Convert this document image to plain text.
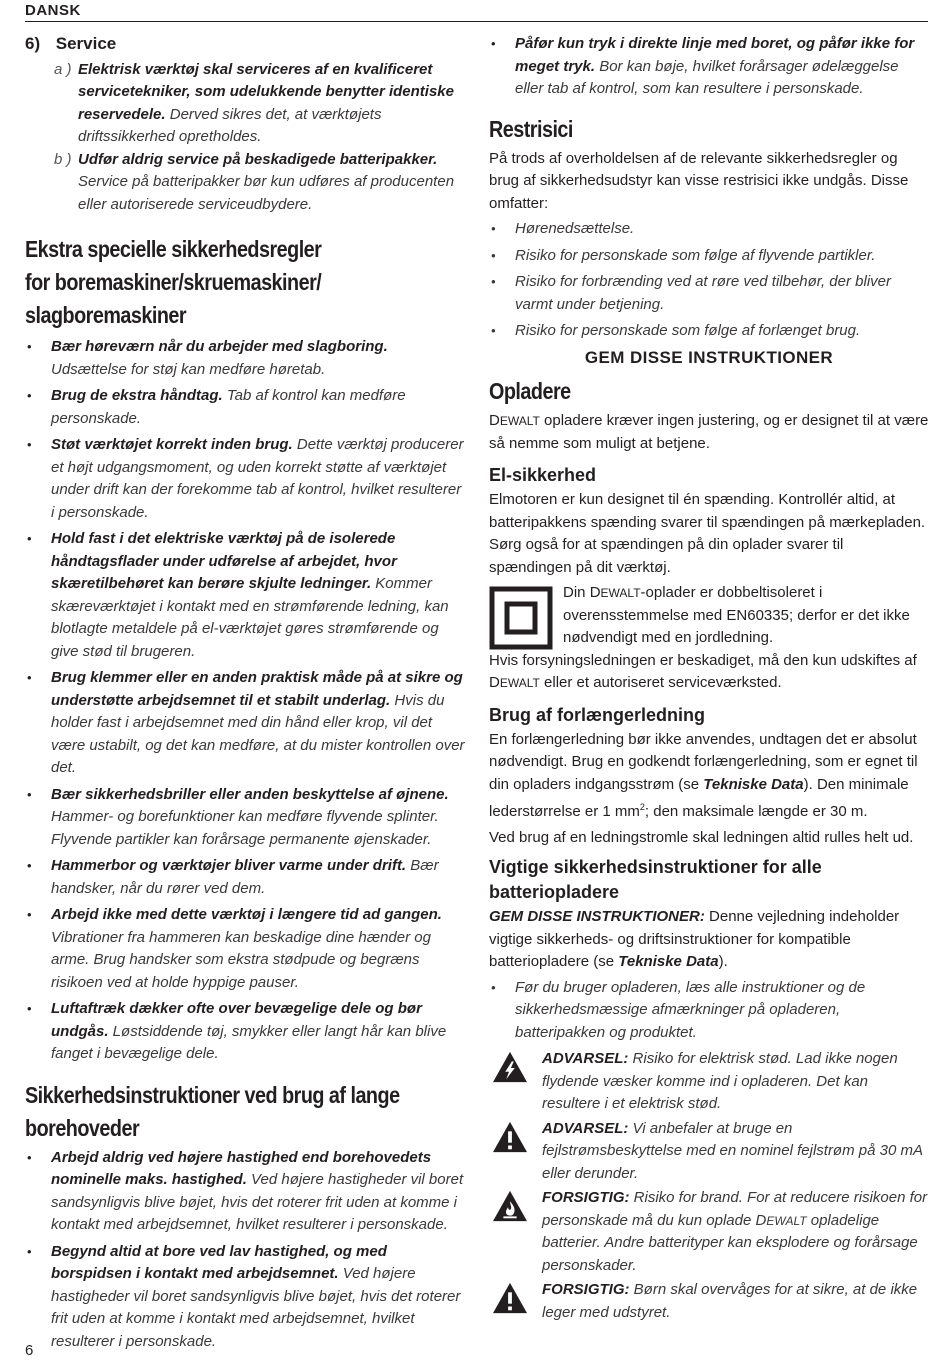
DANSK
6) Service
a ) Elektrisk værktøj skal serviceres af en kvalificeret servicetekniker, som udelukkende benytter identiske reservedele. Derved sikres det, at værktøjets driftssikkerhed opretholdes.
b ) Udfør aldrig service på beskadigede batteripakker. Service på batteripakker bør kun udføres af producenten eller autoriserede serviceudbydere.
Ekstra specielle sikkerhedsregler
for boremaskiner/skruemaskiner/
slagboremaskiner
• Bær høreværn når du arbejder med slagboring. Udsættelse for støj kan medføre høretab.
• Brug de ekstra håndtag. Tab af kontrol kan medføre personskade.
• Støt værktøjet korrekt inden brug. Dette værktøj producerer et højt udgangsmoment, og uden korrekt støtte af værktøjet under drift kan der forekomme tab af kontrol, hvilket resulterer i personskade.
• Hold fast i det elektriske værktøj på de isolerede håndtagsflader under udførelse af arbejdet, hvor skæretilbehøret kan berøre skjulte ledninger. Kommer skæreværktøjet i kontakt med en strømførende ledning, kan blotlagte metaldele på el-værktøjet gøres strømførende og give stød til brugeren.
• Brug klemmer eller en anden praktisk måde på at sikre og understøtte arbejdsemnet til et stabilt underlag. Hvis du holder fast i arbejdsemnet med din hånd eller krop, vil det være ustabilt, og det kan medføre, at du mister kontrollen over det.
• Bær sikkerhedsbriller eller anden beskyttelse af øjnene. Hammer- og borefunktioner kan medføre flyvende splinter. Flyvende partikler kan forårsage permanente øjenskader.
• Hammerbor og værktøjer bliver varme under drift. Bær handsker, når du rører ved dem.
• Arbejd ikke med dette værktøj i længere tid ad gangen. Vibrationer fra hammeren kan beskadige dine hænder og arme. Brug handsker som ekstra stødpude og begræns risikoen ved at holde hyppige pauser.
• Luftaftræk dækker ofte over bevægelige dele og bør undgås. Løstsiddende tøj, smykker eller langt hår kan blive fanget i bevægelige dele.
Sikkerhedsinstruktioner ved brug af lange
borehoveder
• Arbejd aldrig ved højere hastighed end borehovedets nominelle maks. hastighed. Ved højere hastigheder vil boret sandsynligvis blive bøjet, hvis det roterer frit uden at komme i kontakt med arbejdsemnet, hvilket resulterer i personskade.
• Begynd altid at bore ved lav hastighed, og med borspidsen i kontakt med arbejdsemnet. Ved højere hastigheder vil boret sandsynligvis blive bøjet, hvis det roterer frit uden at komme i kontakt med arbejdsemnet, hvilket resulterer i personskade.
• Påfør kun tryk i direkte linje med boret, og påfør ikke for meget tryk. Bor kan bøje, hvilket forårsager ødelæggelse eller tab af kontrol, som kan resultere i personskade.
Restrisici

På trods af overholdelsen af de relevante sikkerhedsregler og brug af sikkerhedsudstyr kan visse restrisici ikke undgås. Disse omfatter:

• Hørenedsættelse.
• Risiko for personskade som følge af flyvende partikler.
• Risiko for forbrænding ved at røre ved tilbehør, der bliver varmt under betjening.
• Risiko for personskade som følge af forlænget brug.
GEM DISSE INSTRUKTIONER
Opladere

DEWALT opladere kræver ingen justering, og er designet til at være så nemme som muligt at betjene.

El-sikkerhed

Elmotoren er kun designet til én spænding. Kontrollér altid, at batteripakkens spænding svarer til spændingen på mærkepladen. Sørg også for at spændingen på din oplader svarer til spændingen på dit værktøj.

Din DEWALT-oplader er dobbeltisoleret i overensstemmelse med EN60335; derfor er det ikke nødvendigt med en jordledning.

Hvis forsyningsledningen er beskadiget, må den kun udskiftes af DEWALT eller et autoriseret serviceværksted.

Brug af forlængerledning

En forlængerledning bør ikke anvendes, undtagen det er absolut nødvendigt. Brug en godkendt forlængerledning, som er egnet til din opladers indgangsstrøm (se Tekniske Data). Den minimale lederstørrelse er 1 $mm^2$; den maksimale længde er 30 m.

Ved brug af en ledningstromle skal ledningen altid rulles helt ud.

Vigtige sikkerhedsinstruktioner for alle
batteriopladere

GEM DISSE INSTRUKTIONER: Denne vejledning indeholder vigtige sikkerheds- og driftsinstruktioner for kompatible batteriopladere (se Tekniske Data).

• Før du bruger opladeren, læs alle instruktioner og de sikkerhedsmæssige afmærkninger på opladeren, batteripakken og produktet.
ADVARSEL: Risiko for elektrisk stød. Lad ikke nogen flydende væsker komme ind i opladeren. Det kan resultere i et elektrisk stød.
ADVARSEL: Vi anbefaler at bruge en fejlstrømsbeskyttelse med en nominel fejlstrøm på 30 mA eller derunder.
FORSIGTIG: Risiko for brand. For at reducere risikoen for personskade må du kun oplade DEWALT opladelige batterier. Andre batterityper kan eksplodere og forårsage personskader.
FORSIGTIG: Børn skal overvåges for at sikre, at de ikke leger med udstyret.
6
